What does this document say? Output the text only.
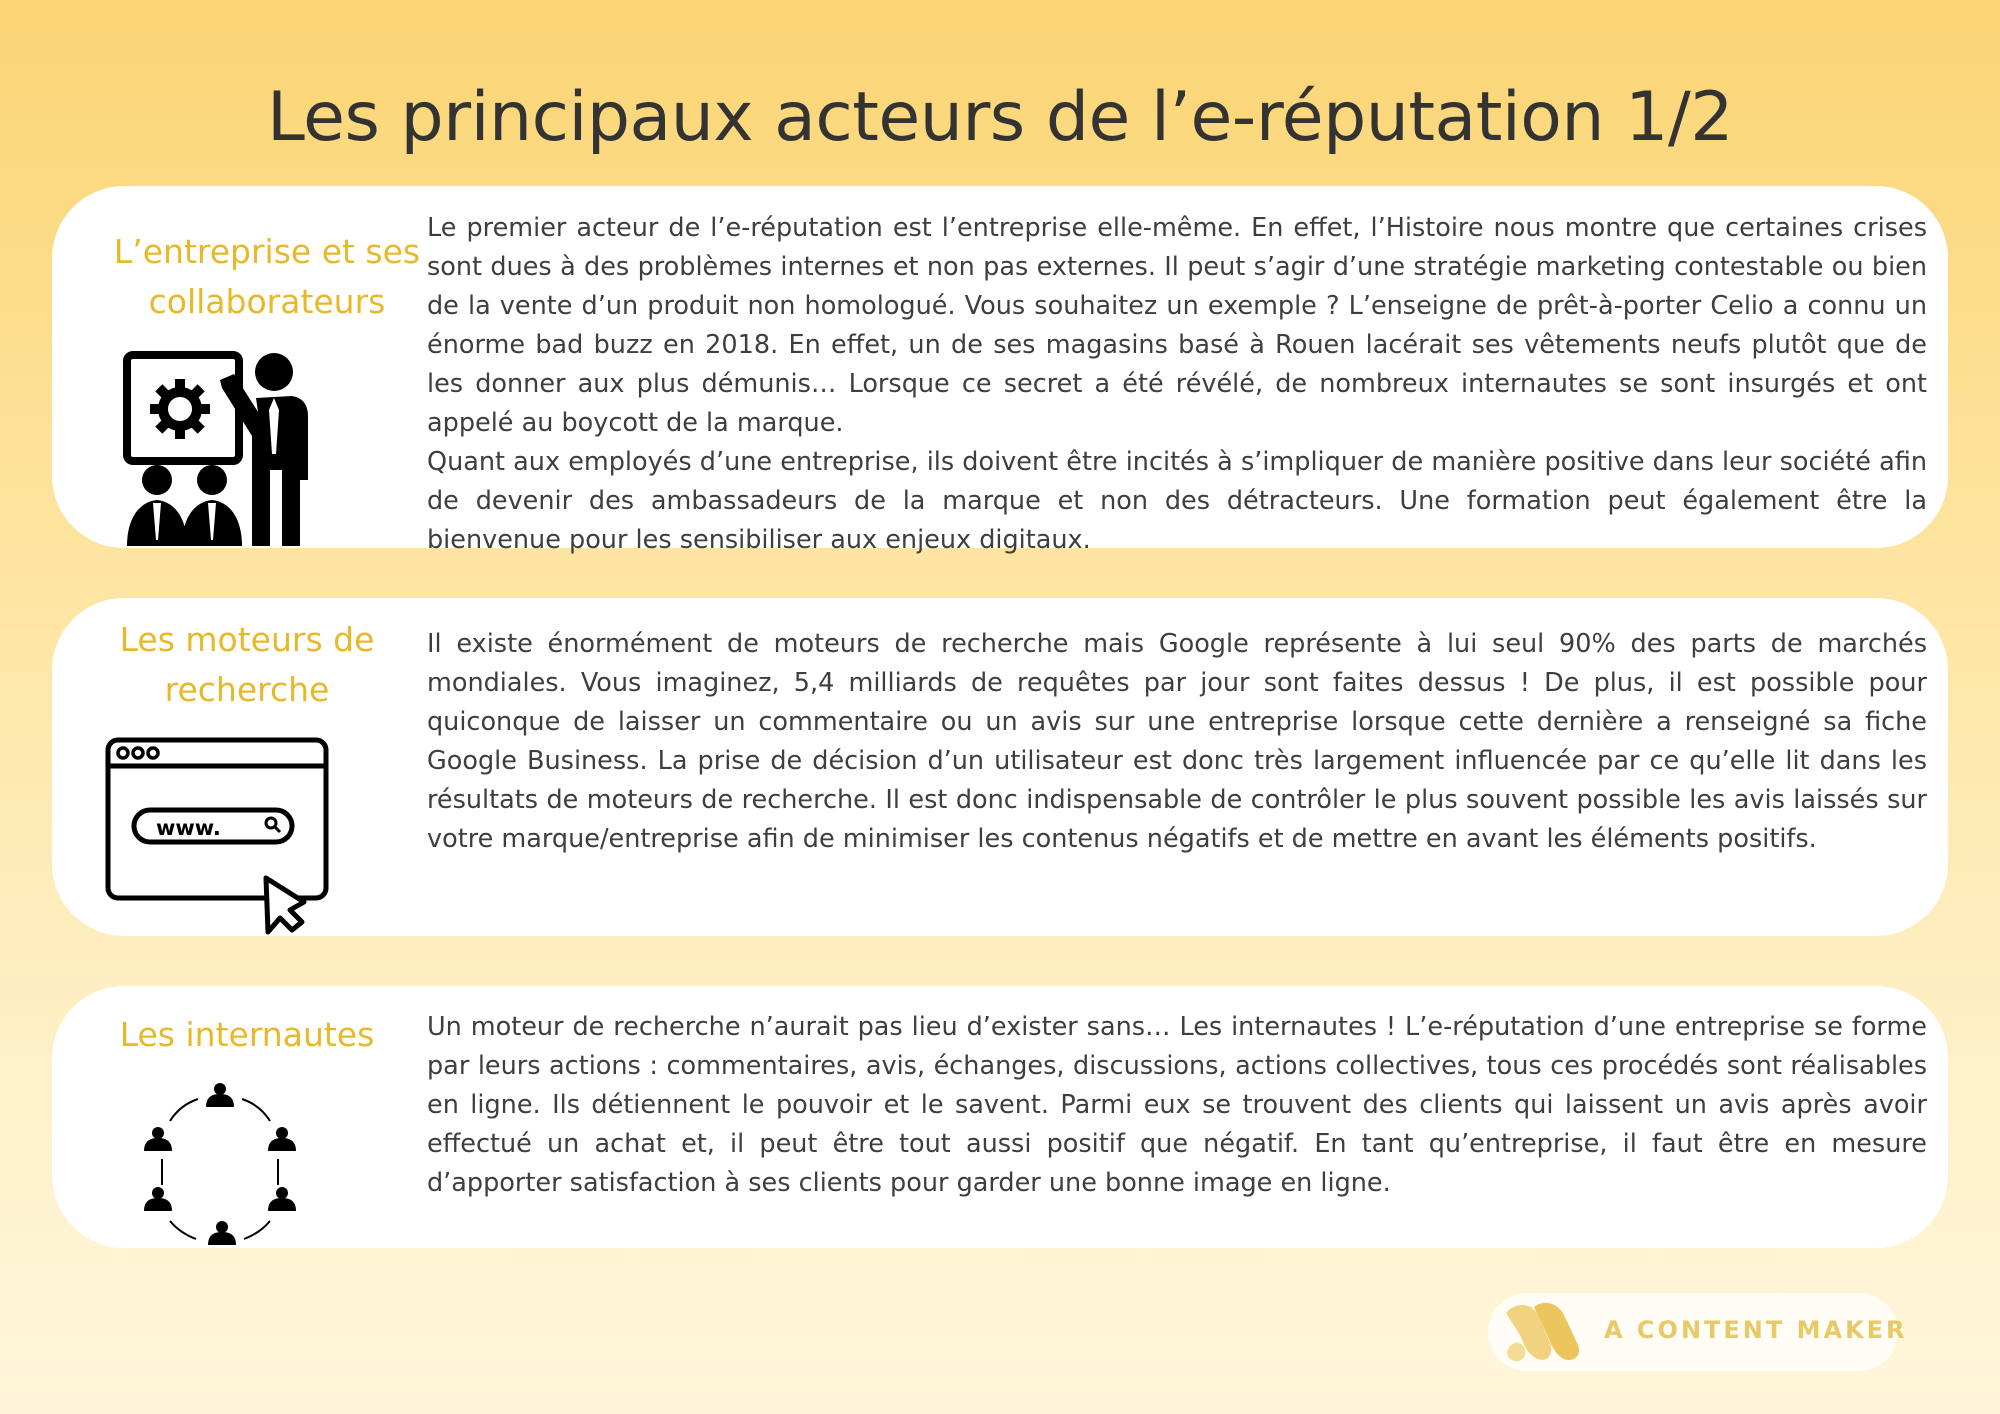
Les principaux acteurs de l’e-réputation 1/2
L’entreprise et ses collaborateurs

Le premier acteur de l’e-réputation est l’entreprise elle-même. En effet, l’Histoire nous montre que certaines crises sont dues à des problèmes internes et non pas externes. Il peut s’agir d’une stratégie marketing contestable ou bien de la vente d’un produit non homologué. Vous souhaitez un exemple ? L’enseigne de prêt-à-porter Celio a connu un énorme bad buzz en 2018. En effet, un de ses magasins basé à Rouen lacérait ses vêtements neufs plutôt que de les donner aux plus démunis… Lorsque ce secret a été révélé, de nombreux internautes se sont insurgés et ont appelé au boycott de la marque.

Quant aux employés d’une entreprise, ils doivent être incités à s’impliquer de manière positive dans leur société afin de devenir des ambassadeurs de la marque et non des détracteurs. Une formation peut également être la bienvenue pour les sensibiliser aux enjeux digitaux.

Les moteurs de recherche
www.

Il existe énormément de moteurs de recherche mais Google représente à lui seul 90% des parts de marchés mondiales. Vous imaginez, 5,4 milliards de requêtes par jour sont faites dessus ! De plus, il est possible pour quiconque de laisser un commentaire ou un avis sur une entreprise lorsque cette dernière a renseigné sa fiche Google Business. La prise de décision d’un utilisateur est donc très largement influencée par ce qu’elle lit dans les résultats de moteurs de recherche. Il est donc indispensable de contrôler le plus souvent possible les avis laissés sur votre marque/entreprise afin de minimiser les contenus négatifs et de mettre en avant les éléments positifs.

Les internautes	Un moteur de recherche n’aurait pas lieu d’exister sans… Les internautes ! L’e-réputation d’une entreprise se forme par leurs actions : commentaires, avis, échanges, discussions, actions collectives, tous ces procédés sont réalisables en ligne. Ils détiennent le pouvoir et le savent. Parmi eux se trouvent des clients qui laissent un avis après avoir effectué un achat et, il peut être tout aussi positif que négatif. En tant qu’entreprise, il faut être en mesure d’apporter satisfaction à ses clients pour garder une bonne image en ligne.

A CONTENT MAKER
